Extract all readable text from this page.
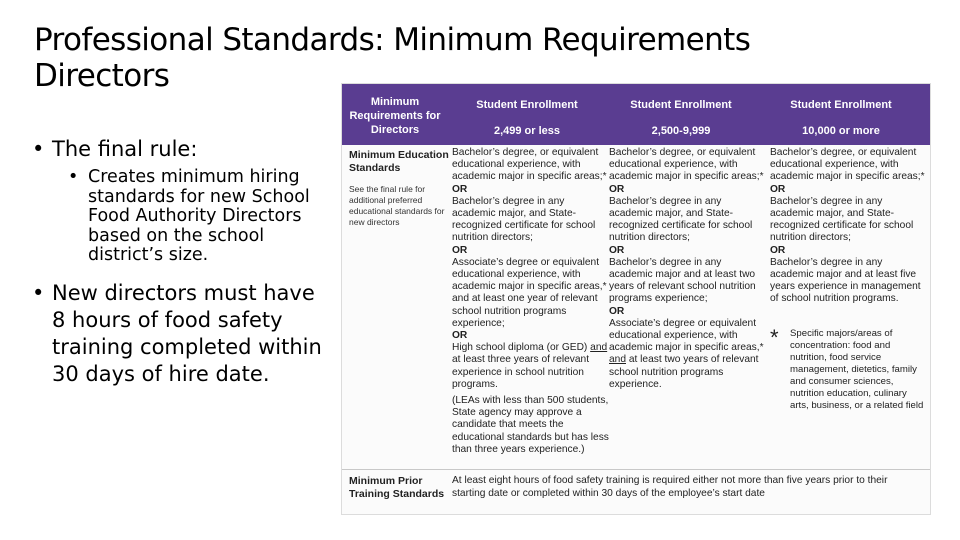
Professional Standards: Minimum Requirements
Directors
• The final rule:
• Creates minimum hiring standards for new School Food Authority Directors based on the school district’s size.
• New directors must have 8 hours of food safety training completed within 30 days of hire date.
Minimum Requirements for Directors
Student Enrollment
2,499 or less
Student Enrollment
2,500-9,999
Student Enrollment
10,000 or more
Minimum Education Standards
See the final rule for additional preferred educational standards for new directors

Bachelor’s degree, or equivalent educational experience, with academic major in specific areas;*

OR

Bachelor’s degree in any academic major, and State-recognized certificate for school nutrition directors;

OR

Associate’s degree or equivalent educational experience, with academic major in specific areas,* and at least one year of relevant school nutrition programs experience;

OR

High school diploma (or GED) and at least three years of relevant experience in school nutrition programs.

(LEAs with less than 500 students, State agency may approve a candidate that meets the educational standards but has less than three years experience.)

Bachelor’s degree, or equivalent educational experience, with academic major in specific areas;*

OR

Bachelor’s degree in any academic major, and State-recognized certificate for school nutrition directors;

OR

Bachelor’s degree in any academic major and at least two years of relevant school nutrition programs experience;

OR

Associate’s degree or equivalent educational experience, with academic major in specific areas,* and at least two years of relevant school nutrition programs experience.

Bachelor’s degree, or equivalent educational experience, with academic major in specific areas;*

OR

Bachelor’s degree in any academic major, and State-recognized certificate for school nutrition directors;

OR

Bachelor’s degree in any academic major and at least five years experience in management of school nutrition programs.

*	Specific majors/areas of concentration: food and nutrition, food service management, dietetics, family and consumer sciences, nutrition education, culinary arts, business, or a related field
Minimum Prior Training Standards
At least eight hours of food safety training is required either not more than five years prior to their starting date or completed within 30 days of the employee’s start date
